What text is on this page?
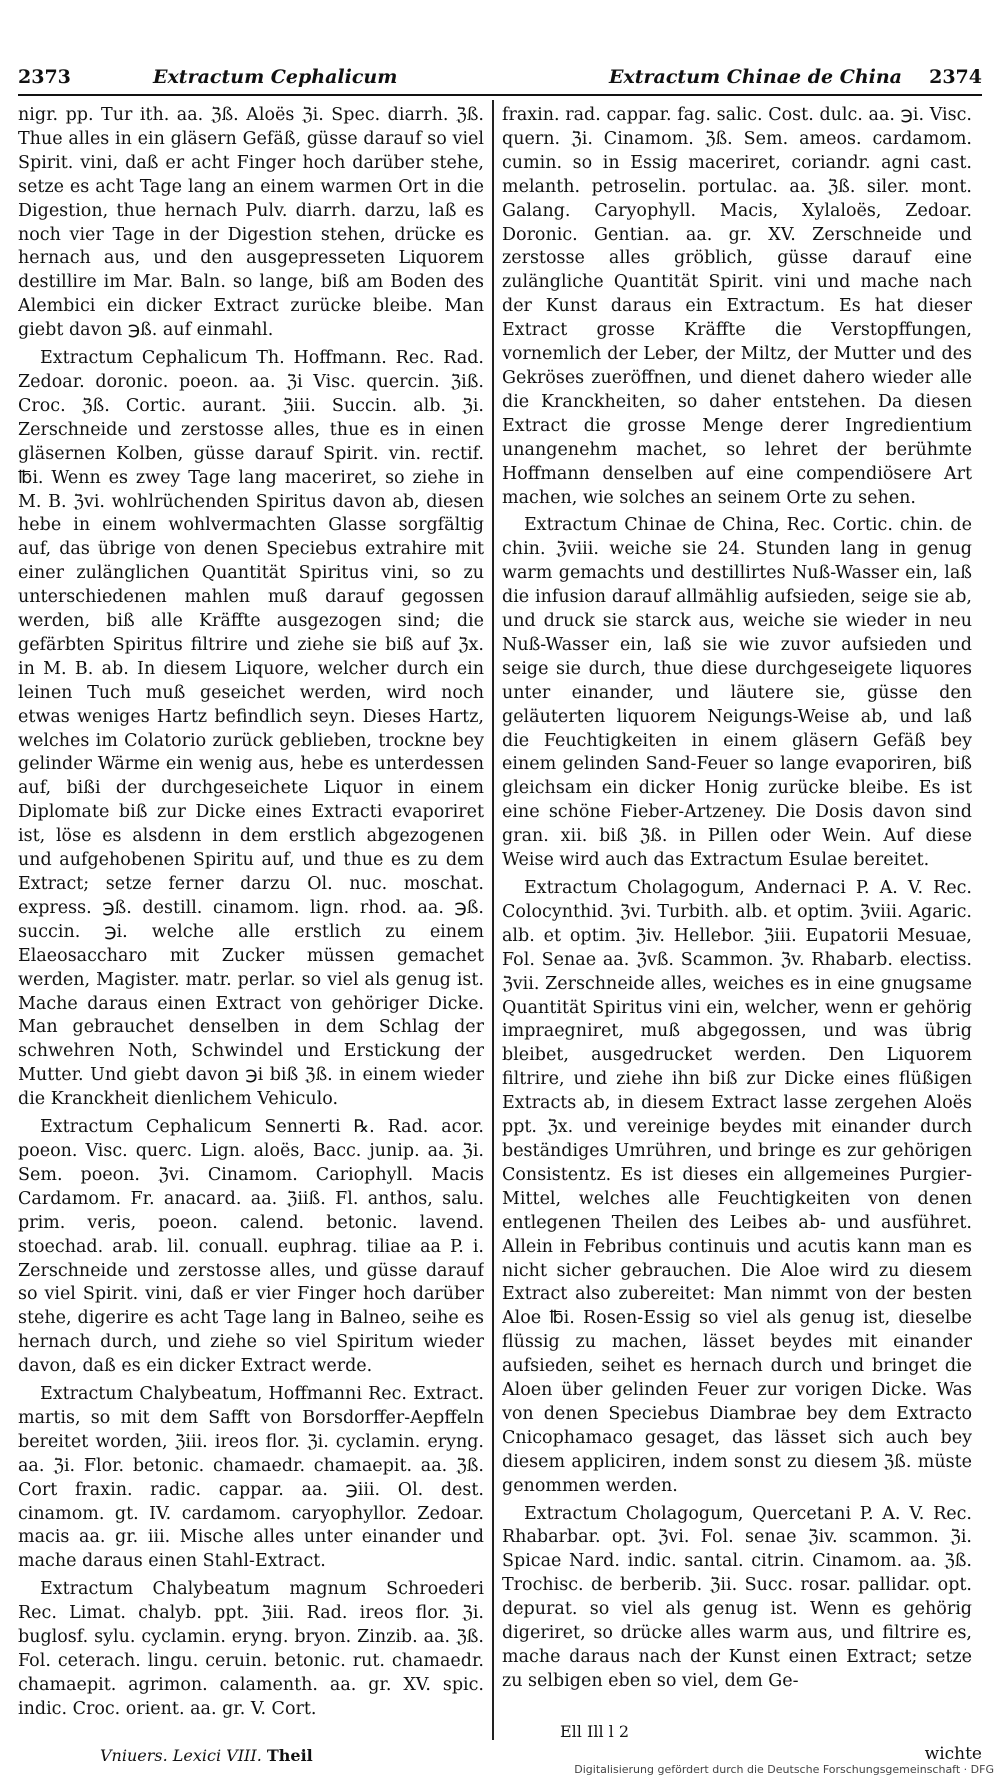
2373	Extractum Cephalicum	Extractum Chinae de China 2374

nigr. pp. Tur ith. aa. ℨß. Aloës ℨi. Spec. diarrh. ℨß. Thue alles in ein gläsern Gefäß, güsse darauf so viel Spirit. vini, daß er acht Finger hoch darüber stehe, setze es acht Tage lang an einem warmen Ort in die Digestion, thue hernach Pulv. diarrh. darzu, laß es noch vier Tage in der Digestion stehen, drücke es hernach aus, und den ausgepresseten Liquorem destillire im Mar. Baln. so lange, biß am Boden des Alembici ein dicker Extract zurücke bleibe. Man giebt davon ℈ß. auf einmahl.

Extractum Cephalicum Th. Hoffmann. Rec. Rad. Zedoar. doronic. poeon. aa. ℨi Visc. quercin. ℨiß. Croc. ℨß. Cortic. aurant. ℨiii. Succin. alb. ℨi. Zerschneide und zerstosse alles, thue es in einen gläsernen Kolben, güsse darauf Spirit. vin. rectif. ℔i. Wenn es zwey Tage lang maceriret, so ziehe in M. B. ℨvi. wohlrüchenden Spiritus davon ab, diesen hebe in einem wohlvermachten Glasse sorgfältig auf, das übrige von denen Speciebus extrahire mit einer zulänglichen Quantität Spiritus vini, so zu unterschiedenen mahlen muß darauf gegossen werden, biß alle Kräffte ausgezogen sind; die gefärbten Spiritus filtrire und ziehe sie biß auf ℨx. in M. B. ab. In diesem Liquore, welcher durch ein leinen Tuch muß geseichet werden, wird noch etwas weniges Hartz befindlich seyn. Dieses Hartz, welches im Colatorio zurück geblieben, trockne bey gelinder Wärme ein wenig aus, hebe es unterdessen auf, bißi der durchgeseichete Liquor in einem Diplomate biß zur Dicke eines Extracti evaporiret ist, löse es alsdenn in dem erstlich abgezogenen und aufgehobenen Spiritu auf, und thue es zu dem Extract; setze ferner darzu Ol. nuc. moschat. express. ℈ß. destill. cinamom. lign. rhod. aa. ℈ß. succin. ℈i. welche alle erstlich zu einem Elaeosaccharo mit Zucker müssen gemachet werden, Magister. matr. perlar. so viel als genug ist. Mache daraus einen Extract von gehöriger Dicke. Man gebrauchet denselben in dem Schlag der schwehren Noth, Schwindel und Erstickung der Mutter. Und giebt davon ℈i biß ℨß. in einem wieder die Kranckheit dienlichem Vehiculo.

Extractum Cephalicum Sennerti ℞. Rad. acor. poeon. Visc. querc. Lign. aloës, Bacc. junip. aa. ℨi. Sem. poeon. ℨvi. Cinamom. Cariophyll. Macis Cardamom. Fr. anacard. aa. ℨiiß. Fl. anthos, salu. prim. veris, poeon. calend. betonic. lavend. stoechad. arab. lil. conuall. euphrag. tiliae aa P. i. Zerschneide und zerstosse alles, und güsse darauf so viel Spirit. vini, daß er vier Finger hoch darüber stehe, digerire es acht Tage lang in Balneo, seihe es hernach durch, und ziehe so viel Spiritum wieder davon, daß es ein dicker Extract werde.

Extractum Chalybeatum, Hoffmanni Rec. Extract. martis, so mit dem Safft von Borsdorffer-Aepffeln bereitet worden, ℨiii. ireos flor. ℨi. cyclamin. eryng. aa. ℨi. Flor. betonic. chamaedr. chamaepit. aa. ℨß. Cort fraxin. radic. cappar. aa. ℈iii. Ol. dest. cinamom. gt. IV. cardamom. caryophyllor. Zedoar. macis aa. gr. iii. Mische alles unter einander und mache daraus einen Stahl-Extract.

Extractum Chalybeatum magnum Schroederi Rec. Limat. chalyb. ppt. ℨiii. Rad. ireos flor. ℨi. buglosf. sylu. cyclamin. eryng. bryon. Zinzib. aa. ℨß. Fol. ceterach. lingu. ceruin. betonic. rut. chamaedr. chamaepit. agrimon. calamenth. aa. gr. XV. spic. indic. Croc. orient. aa. gr. V. Cort.

fraxin. rad. cappar. fag. salic. Cost. dulc. aa. ℈i. Visc. quern. ℨi. Cinamom. ℨß. Sem. ameos. cardamom. cumin. so in Essig maceriret, coriandr. agni cast. melanth. petroselin. portulac. aa. ℨß. siler. mont. Galang. Caryophyll. Macis, Xylaloës, Zedoar. Doronic. Gentian. aa. gr. XV. Zerschneide und zerstosse alles gröblich, güsse darauf eine zulängliche Quantität Spirit. vini und mache nach der Kunst daraus ein Extractum. Es hat dieser Extract grosse Kräffte die Verstopffungen, vornemlich der Leber, der Miltz, der Mutter und des Gekröses zueröffnen, und dienet dahero wieder alle die Kranckheiten, so daher entstehen. Da diesen Extract die grosse Menge derer Ingredientium unangenehm machet, so lehret der berühmte Hoffmann denselben auf eine compendiösere Art machen, wie solches an seinem Orte zu sehen.

Extractum Chinae de China, Rec. Cortic. chin. de chin. ℨviii. weiche sie 24. Stunden lang in genug warm gemachts und destillirtes Nuß-Wasser ein, laß die infusion darauf allmählig aufsieden, seige sie ab, und druck sie starck aus, weiche sie wieder in neu Nuß-Wasser ein, laß sie wie zuvor aufsieden und seige sie durch, thue diese durchgeseigete liquores unter einander, und läutere sie, güsse den geläuterten liquorem Neigungs-Weise ab, und laß die Feuchtigkeiten in einem gläsern Gefäß bey einem gelinden Sand-Feuer so lange evaporiren, biß gleichsam ein dicker Honig zurücke bleibe. Es ist eine schöne Fieber-Artzeney. Die Dosis davon sind gran. xii. biß ℨß. in Pillen oder Wein. Auf diese Weise wird auch das Extractum Esulae bereitet.

Extractum Cholagogum, Andernaci P. A. V. Rec. Colocynthid. ℨvi. Turbith. alb. et optim. ℨviii. Agaric. alb. et optim. ℨiv. Hellebor. ℨiii. Eupatorii Mesuae, Fol. Senae aa. ℨvß. Scammon. ℨv. Rhabarb. electiss. ℨvii. Zerschneide alles, weiches es in eine gnugsame Quantität Spiritus vini ein, welcher, wenn er gehörig impraegniret, muß abgegossen, und was übrig bleibet, ausgedrucket werden. Den Liquorem filtrire, und ziehe ihn biß zur Dicke eines flüßigen Extracts ab, in diesem Extract lasse zergehen Aloës ppt. ℨx. und vereinige beydes mit einander durch beständiges Umrühren, und bringe es zur gehörigen Consistentz. Es ist dieses ein allgemeines Purgier-Mittel, welches alle Feuchtigkeiten von denen entlegenen Theilen des Leibes ab- und ausführet. Allein in Febribus continuis und acutis kann man es nicht sicher gebrauchen. Die Aloe wird zu diesem Extract also zubereitet: Man nimmt von der besten Aloe ℔i. Rosen-Essig so viel als genug ist, dieselbe flüssig zu machen, lässet beydes mit einander aufsieden, seihet es hernach durch und bringet die Aloen über gelinden Feuer zur vorigen Dicke. Was von denen Speciebus Diambrae bey dem Extracto Cnicophamaco gesaget, das lässet sich auch bey diesem appliciren, indem sonst zu diesem ℨß. müste genommen werden.

Extractum Cholagogum, Quercetani P. A. V. Rec. Rhabarbar. opt. ℨvi. Fol. senae ℨiv. scammon. ℨi. Spicae Nard. indic. santal. citrin. Cinamom. aa. ℨß. Trochisc. de berberib. ℨii. Succ. rosar. pallidar. opt. depurat. so viel als genug ist. Wenn es gehörig digeriret, so drücke alles warm aus, und filtrire es, mache daraus nach der Kunst einen Extract; setze zu selbigen eben so viel, dem Ge-

Vniuers. Lexici VIII. Theil
Ell Ill l 2
wichte
Digitalisierung gefördert durch die Deutsche Forschungsgemeinschaft · DFG
